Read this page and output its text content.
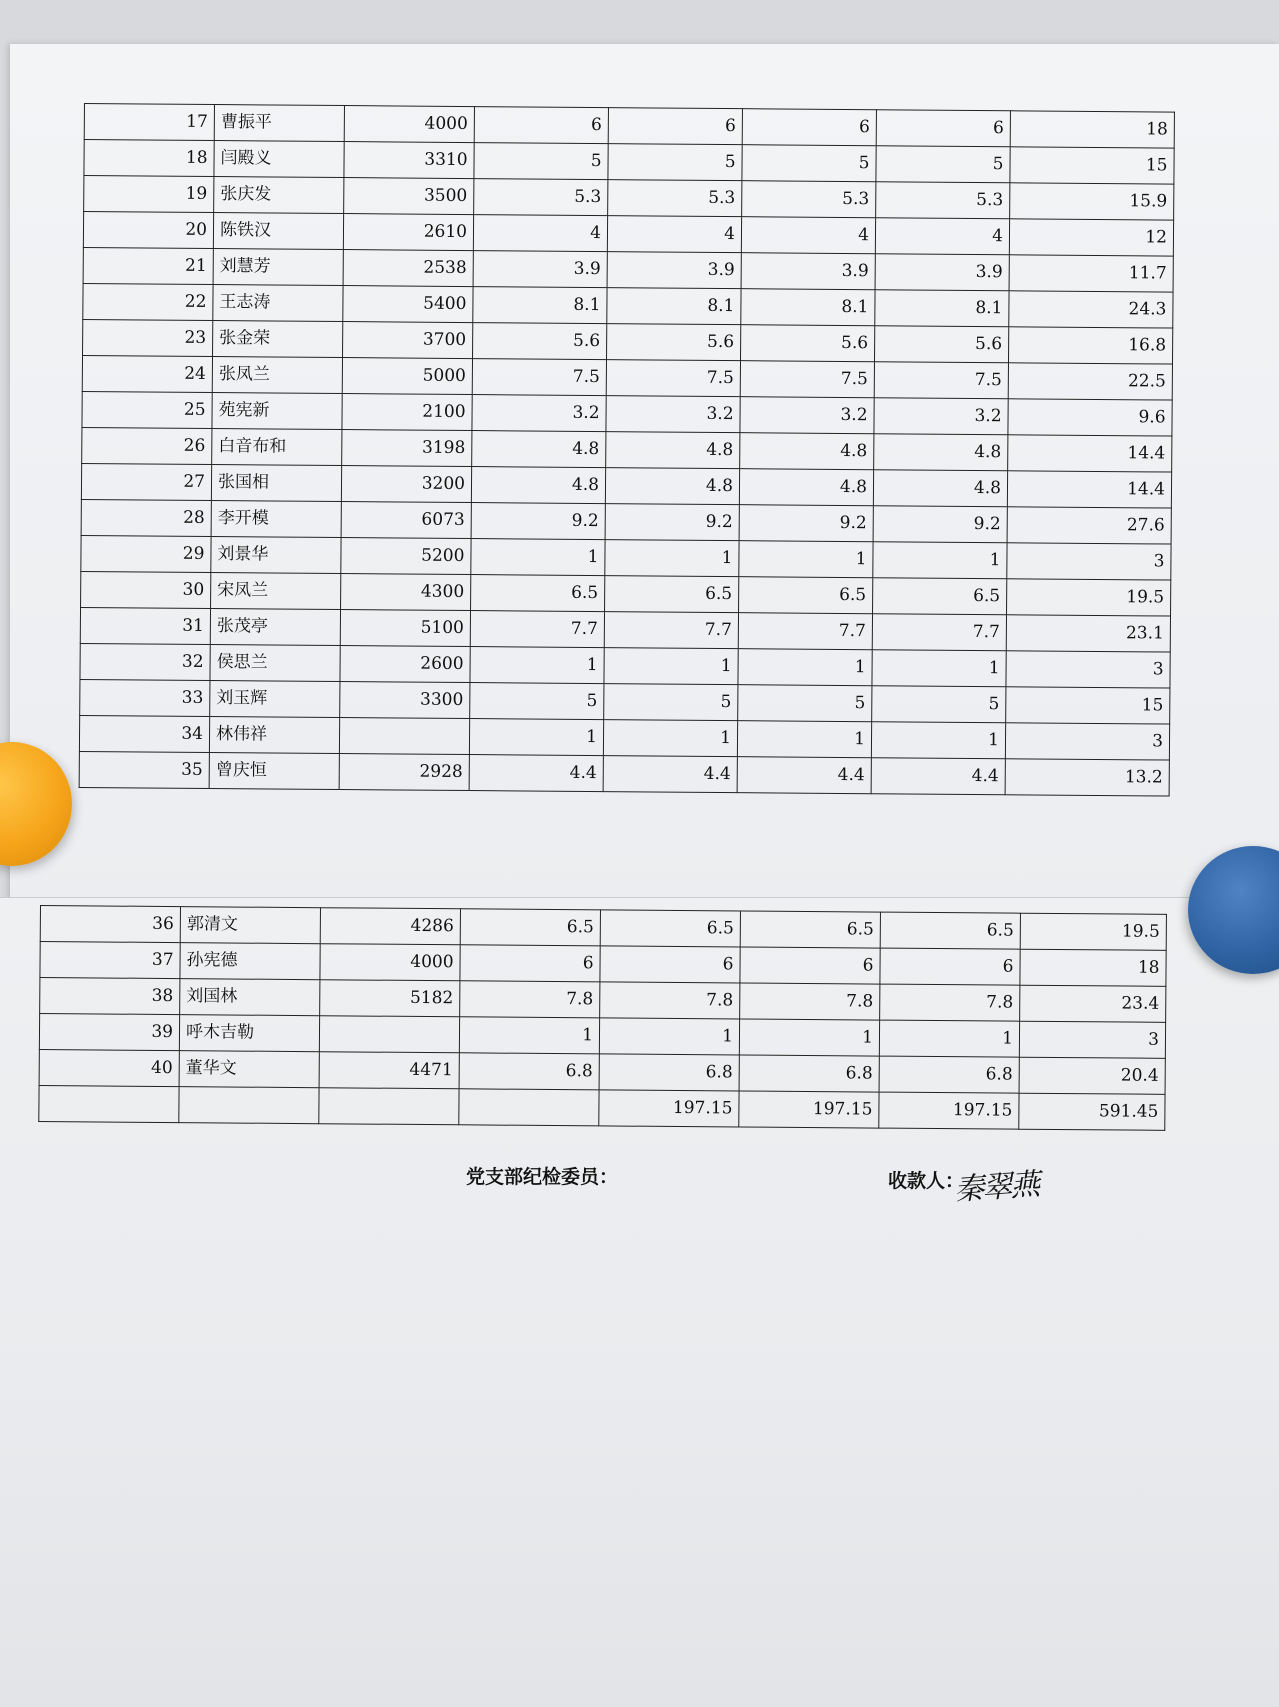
17	曹振平	4000	6	6	6	6	18
18	闫殿义	3310	5	5	5	5	15
19	张庆发	3500	5.3	5.3	5.3	5.3	15.9
20	陈铁汉	2610	4	4	4	4	12
21	刘慧芳	2538	3.9	3.9	3.9	3.9	11.7
22	王志涛	5400	8.1	8.1	8.1	8.1	24.3
23	张金荣	3700	5.6	5.6	5.6	5.6	16.8
24	张凤兰	5000	7.5	7.5	7.5	7.5	22.5
25	苑宪新	2100	3.2	3.2	3.2	3.2	9.6
26	白音布和	3198	4.8	4.8	4.8	4.8	14.4
27	张国相	3200	4.8	4.8	4.8	4.8	14.4
28	李开模	6073	9.2	9.2	9.2	9.2	27.6
29	刘景华	5200	1	1	1	1	3
30	宋凤兰	4300	6.5	6.5	6.5	6.5	19.5
31	张茂亭	5100	7.7	7.7	7.7	7.7	23.1
32	侯思兰	2600	1	1	1	1	3
33	刘玉辉	3300	5	5	5	5	15
34	林伟祥		1	1	1	1	3
35	曾庆恒	2928	4.4	4.4	4.4	4.4	13.2
36	郭清文	4286	6.5	6.5	6.5	6.5	19.5
37	孙宪德	4000	6	6	6	6	18
38	刘国林	5182	7.8	7.8	7.8	7.8	23.4
39	呼木吉勒		1	1	1	1	3
40	董华文	4471	6.8	6.8	6.8	6.8	20.4
				197.15	197.15	197.15	591.45
党支部纪检委员：	收款人：
秦翠燕
